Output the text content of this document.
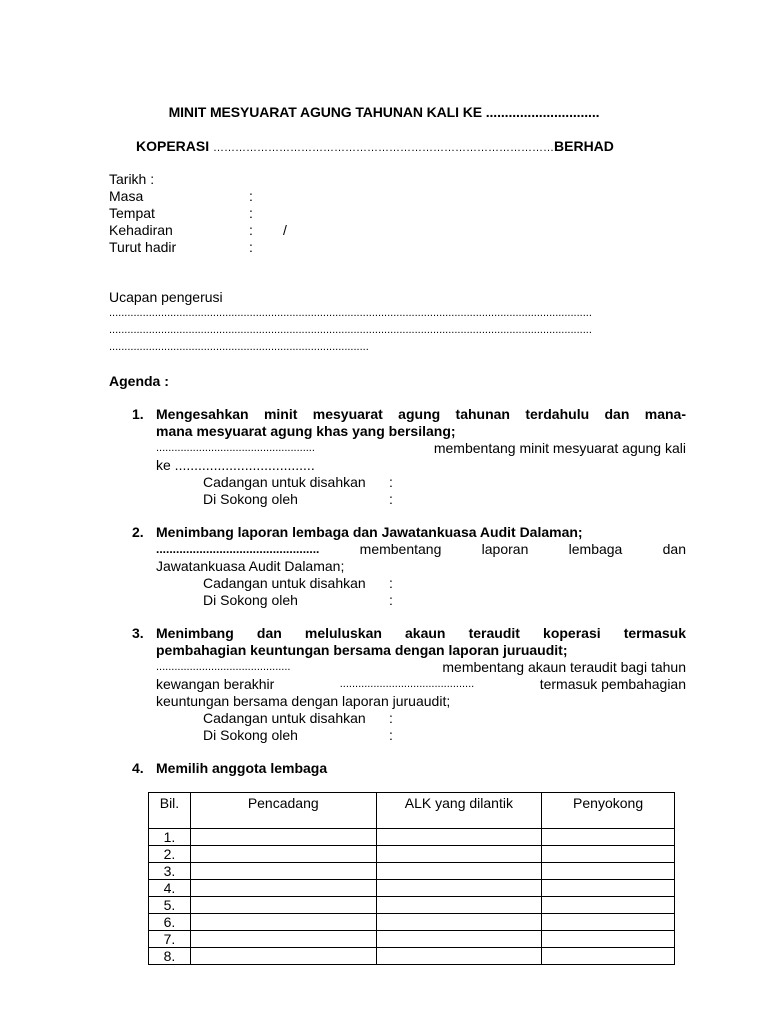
MINIT MESYUARAT AGUNG TAHUNAN KALI KE ..............................
KOPERASI …………………………………………………………………………………BERHAD
Tarikh :
Masa	:
Tempat	:
Kehadiran	: /
Turut hadir	:
Ucapan pengerusi
..............................................................................................................................................................
..............................................................................................................................................................
.....................................................................................
Agenda :
1. Mengesahkan minit mesyuarat agung tahunan terdahulu dan mana-
mana mesyuarat agung khas yang bersilang;
....................................................	membentang minit mesyuarat agung kali
ke ....................................
Cadangan untuk disahkan :
Di Sokong oleh	:
2. Menimbang laporan lembaga dan Jawatankuasa Audit Dalaman;
.................................................	membentang	laporan	lembaga	dan
Jawatankuasa Audit Dalaman;
Cadangan untuk disahkan :
Di Sokong oleh	:
3. Menimbang dan meluluskan akaun teraudit koperasi termasuk
pembahagian keuntungan bersama dengan laporan juruaudit;
............................................	membentang akaun teraudit bagi tahun
kewangan berakhir	............................................	termasuk pembahagian
keuntungan bersama dengan laporan juruaudit;
Cadangan untuk disahkan :
Di Sokong oleh	:
4. Memilih anggota lembaga
Bil.	Pencadang	ALK yang dilantik	Penyokong
1.			
2.			
3.			
4.			
5.			
6.			
7.			
8.			
